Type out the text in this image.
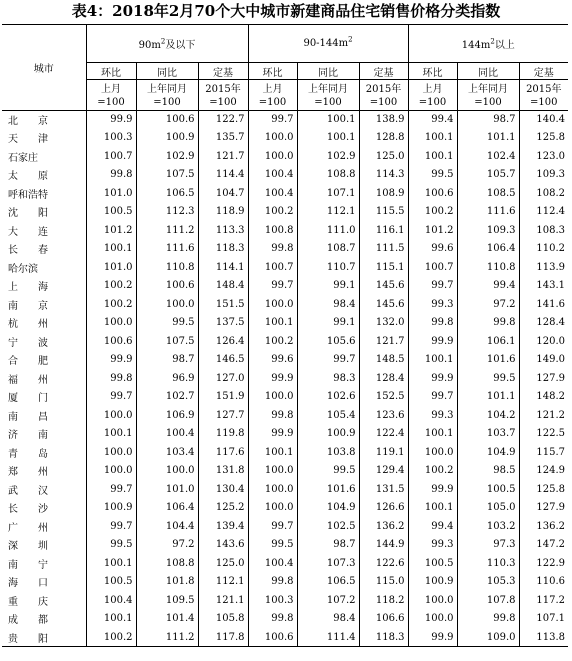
表4：2018年2月70个大中城市新建商品住宅销售价格分类指数
城市	$90m^2$及以下			$90-144m^2$			$144m^2$以上		
	环比	同比	定基	环比	同比	定基	环比	同比	定基
	上月	上年同月	2015年	上月	上年同月	2015年	上月	上年同月	2015年
	=100	=100	=100	=100	=100	=100	=100	=100	=100
北　　京	99.9	100.6	122.7	99.7	100.1	138.9	99.4	98.7	140.4
天　　津	100.3	100.9	135.7	100.0	100.1	128.8	100.1	101.1	125.8
石家庄	100.7	102.9	121.7	100.0	102.9	125.0	100.1	102.4	123.0
太　　原	99.8	107.5	114.4	100.4	108.8	114.3	99.5	105.7	109.3
呼和浩特	101.0	106.5	104.7	100.4	107.1	108.9	100.6	108.5	108.2
沈　　阳	100.5	112.3	118.9	100.2	112.1	115.5	100.2	111.6	112.4
大　　连	101.2	111.2	113.3	100.8	111.0	116.1	101.2	109.3	108.3
长　　春	100.1	111.6	118.3	99.8	108.7	111.5	99.6	106.4	110.2
哈尔滨	101.0	110.8	114.1	100.7	110.7	115.1	100.7	110.8	113.9
上　　海	100.2	100.6	148.4	99.7	99.1	145.6	99.7	99.4	143.1
南　　京	100.2	100.0	151.5	100.0	98.4	145.6	99.3	97.2	141.6
杭　　州	100.0	99.5	137.5	100.1	99.1	132.0	99.8	99.8	128.4
宁　　波	100.6	107.5	126.4	100.2	105.6	121.7	99.9	106.1	120.0
合　　肥	99.9	98.7	146.5	99.6	99.7	148.5	100.1	101.6	149.0
福　　州	99.8	96.9	127.0	99.9	98.3	128.4	99.9	99.5	127.9
厦　　门	99.7	102.7	151.9	100.0	102.6	152.5	99.7	101.1	148.2
南　　昌	100.0	106.9	127.7	99.8	105.4	123.6	99.3	104.2	121.2
济　　南	100.1	100.4	119.8	99.9	100.9	122.4	100.1	103.7	122.5
青　　岛	100.0	103.4	117.6	100.1	103.8	119.1	100.0	104.9	115.7
郑　　州	100.0	100.0	131.8	100.0	99.5	129.4	100.2	98.5	124.9
武　　汉	99.7	101.0	130.4	100.0	101.6	131.5	99.9	100.5	125.8
长　　沙	100.9	106.4	125.2	100.0	104.9	126.6	100.1	105.0	127.9
广　　州	99.7	104.4	139.4	99.7	102.5	136.2	99.4	103.2	136.2
深　　圳	99.5	97.2	143.6	99.5	98.7	144.9	99.3	97.3	147.2
南　　宁	100.1	108.8	125.0	100.4	107.3	122.6	100.5	110.3	122.9
海　　口	100.5	101.8	112.1	99.8	106.5	115.0	100.9	105.3	110.6
重　　庆	100.4	109.5	121.1	100.3	107.2	118.2	100.0	107.8	117.2
成　　都	100.1	101.4	105.8	99.8	98.4	106.6	100.0	99.8	107.1
贵　　阳	100.2	111.2	117.8	100.6	111.4	118.3	99.9	109.0	113.8
